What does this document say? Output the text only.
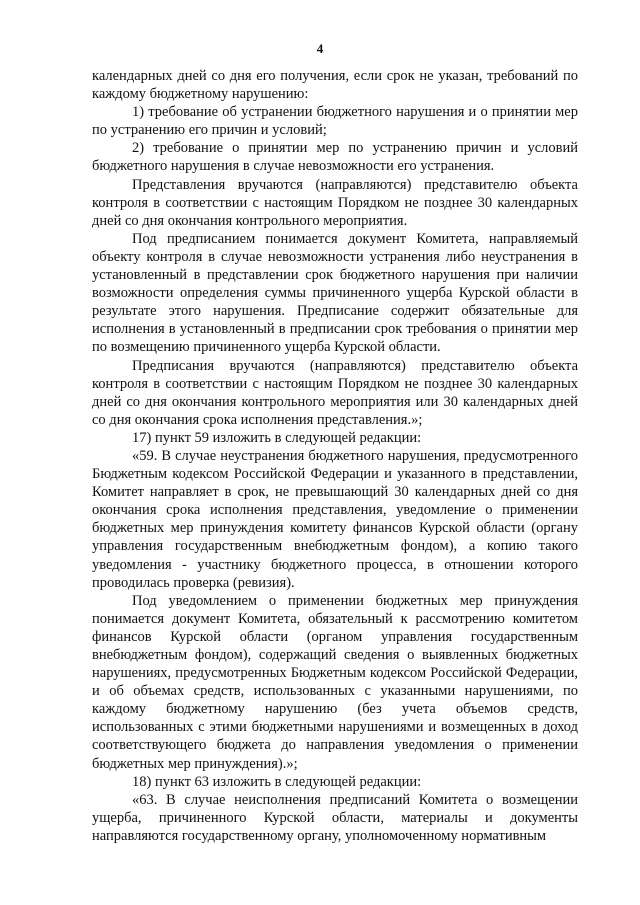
4

календарных дней со дня его получения, если срок не указан, требований по каждому бюджетному нарушению:

1) требование об устранении бюджетного нарушения и о принятии мер по устранению его причин и условий;

2) требование о принятии мер по устранению причин и условий бюджетного нарушения в случае невозможности его устранения.

Представления вручаются (направляются) представителю объекта контроля в соответствии с настоящим Порядком не позднее 30 календарных дней со дня окончания контрольного мероприятия.

Под предписанием понимается документ Комитета, направляемый объекту контроля в случае невозможности устранения либо неустранения в установленный в представлении срок бюджетного нарушения при наличии возможности определения суммы причиненного ущерба Курской области в результате этого нарушения. Предписание содержит обязательные для исполнения в установленный в предписании срок требования о принятии мер по возмещению причиненного ущерба Курской области.

Предписания вручаются (направляются) представителю объекта контроля в соответствии с настоящим Порядком не позднее 30 календарных дней со дня окончания контрольного мероприятия или 30 календарных дней со дня окончания срока исполнения представления.»;

17) пункт 59 изложить в следующей редакции:

«59. В случае неустранения бюджетного нарушения, предусмотренного Бюджетным кодексом Российской Федерации и указанного в представлении, Комитет направляет в срок, не превышающий 30 календарных дней со дня окончания срока исполнения представления, уведомление о применении бюджетных мер принуждения комитету финансов Курской области (органу управления государственным внебюджетным фондом), а копию такого уведомления - участнику бюджетного процесса, в отношении которого проводилась проверка (ревизия).

Под уведомлением о применении бюджетных мер принуждения понимается документ Комитета, обязательный к рассмотрению комитетом финансов Курской области (органом управления государственным внебюджетным фондом), содержащий сведения о выявленных бюджетных нарушениях, предусмотренных Бюджетным кодексом Российской Федерации, и об объемах средств, использованных с указанными нарушениями, по каждому бюджетному нарушению (без учета объемов средств, использованных с этими бюджетными нарушениями и возмещенных в доход соответствующего бюджета до направления уведомления о применении бюджетных мер принуждения).»;

18) пункт 63 изложить в следующей редакции:

«63. В случае неисполнения предписаний Комитета о возмещении ущерба, причиненного Курской области, материалы и документы направляются государственному органу, уполномоченному нормативным
